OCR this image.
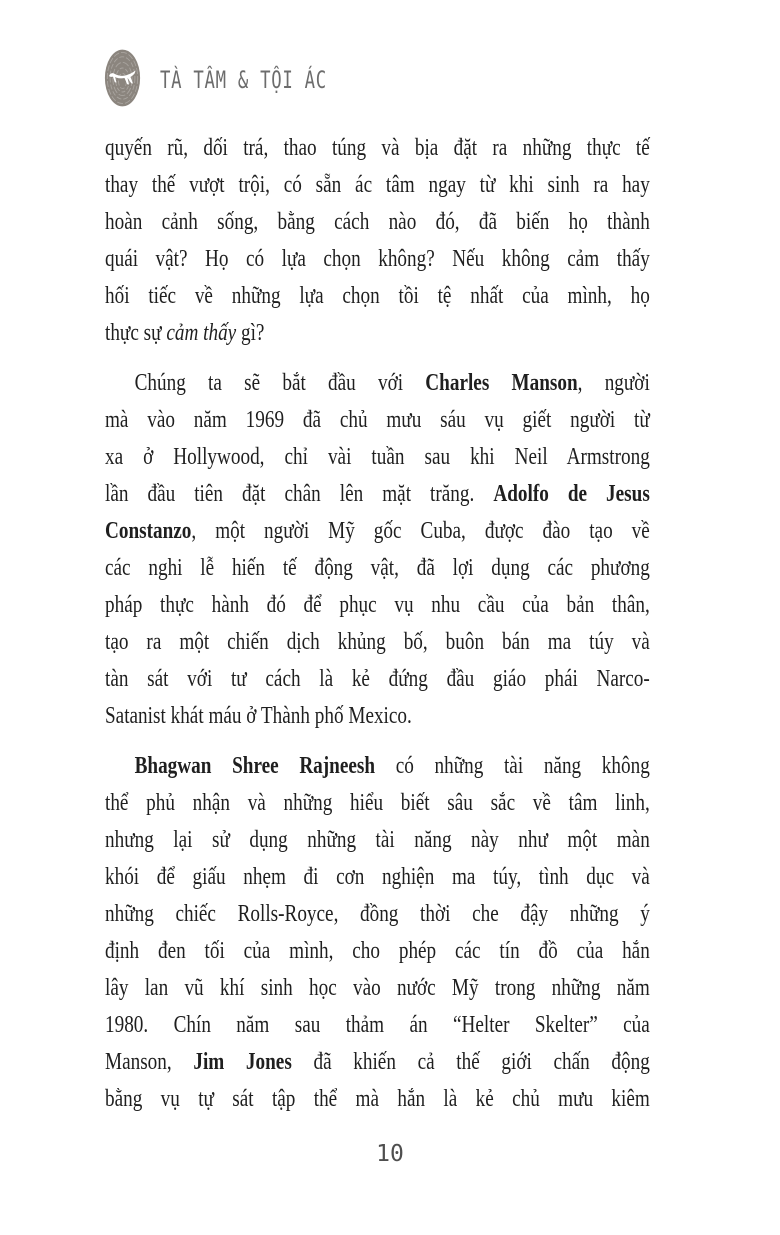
TÀ TÂM & TỘI ÁC
quyến rũ, dối trá, thao túng và bịa đặt ra những thực tế
thay thế vượt trội, có sẵn ác tâm ngay từ khi sinh ra hay
hoàn cảnh sống, bằng cách nào đó, đã biến họ thành
quái vật? Họ có lựa chọn không? Nếu không cảm thấy
hối tiếc về những lựa chọn tồi tệ nhất của mình, họ
thực sự cảm thấy gì?
Chúng ta sẽ bắt đầu với Charles Manson, người
mà vào năm 1969 đã chủ mưu sáu vụ giết người từ
xa ở Hollywood, chỉ vài tuần sau khi Neil Armstrong
lần đầu tiên đặt chân lên mặt trăng. Adolfo de Jesus
Constanzo, một người Mỹ gốc Cuba, được đào tạo về
các nghi lễ hiến tế động vật, đã lợi dụng các phương
pháp thực hành đó để phục vụ nhu cầu của bản thân,
tạo ra một chiến dịch khủng bố, buôn bán ma túy và
tàn sát với tư cách là kẻ đứng đầu giáo phái Narco-
Satanist khát máu ở Thành phố Mexico.
Bhagwan Shree Rajneesh có những tài năng không
thể phủ nhận và những hiểu biết sâu sắc về tâm linh,
nhưng lại sử dụng những tài năng này như một màn
khói để giấu nhẹm đi cơn nghiện ma túy, tình dục và
những chiếc Rolls-Royce, đồng thời che đậy những ý
định đen tối của mình, cho phép các tín đồ của hắn
lây lan vũ khí sinh học vào nước Mỹ trong những năm
1980. Chín năm sau thảm án “Helter Skelter” của
Manson, Jim Jones đã khiến cả thế giới chấn động
bằng vụ tự sát tập thể mà hắn là kẻ chủ mưu kiêm
10
